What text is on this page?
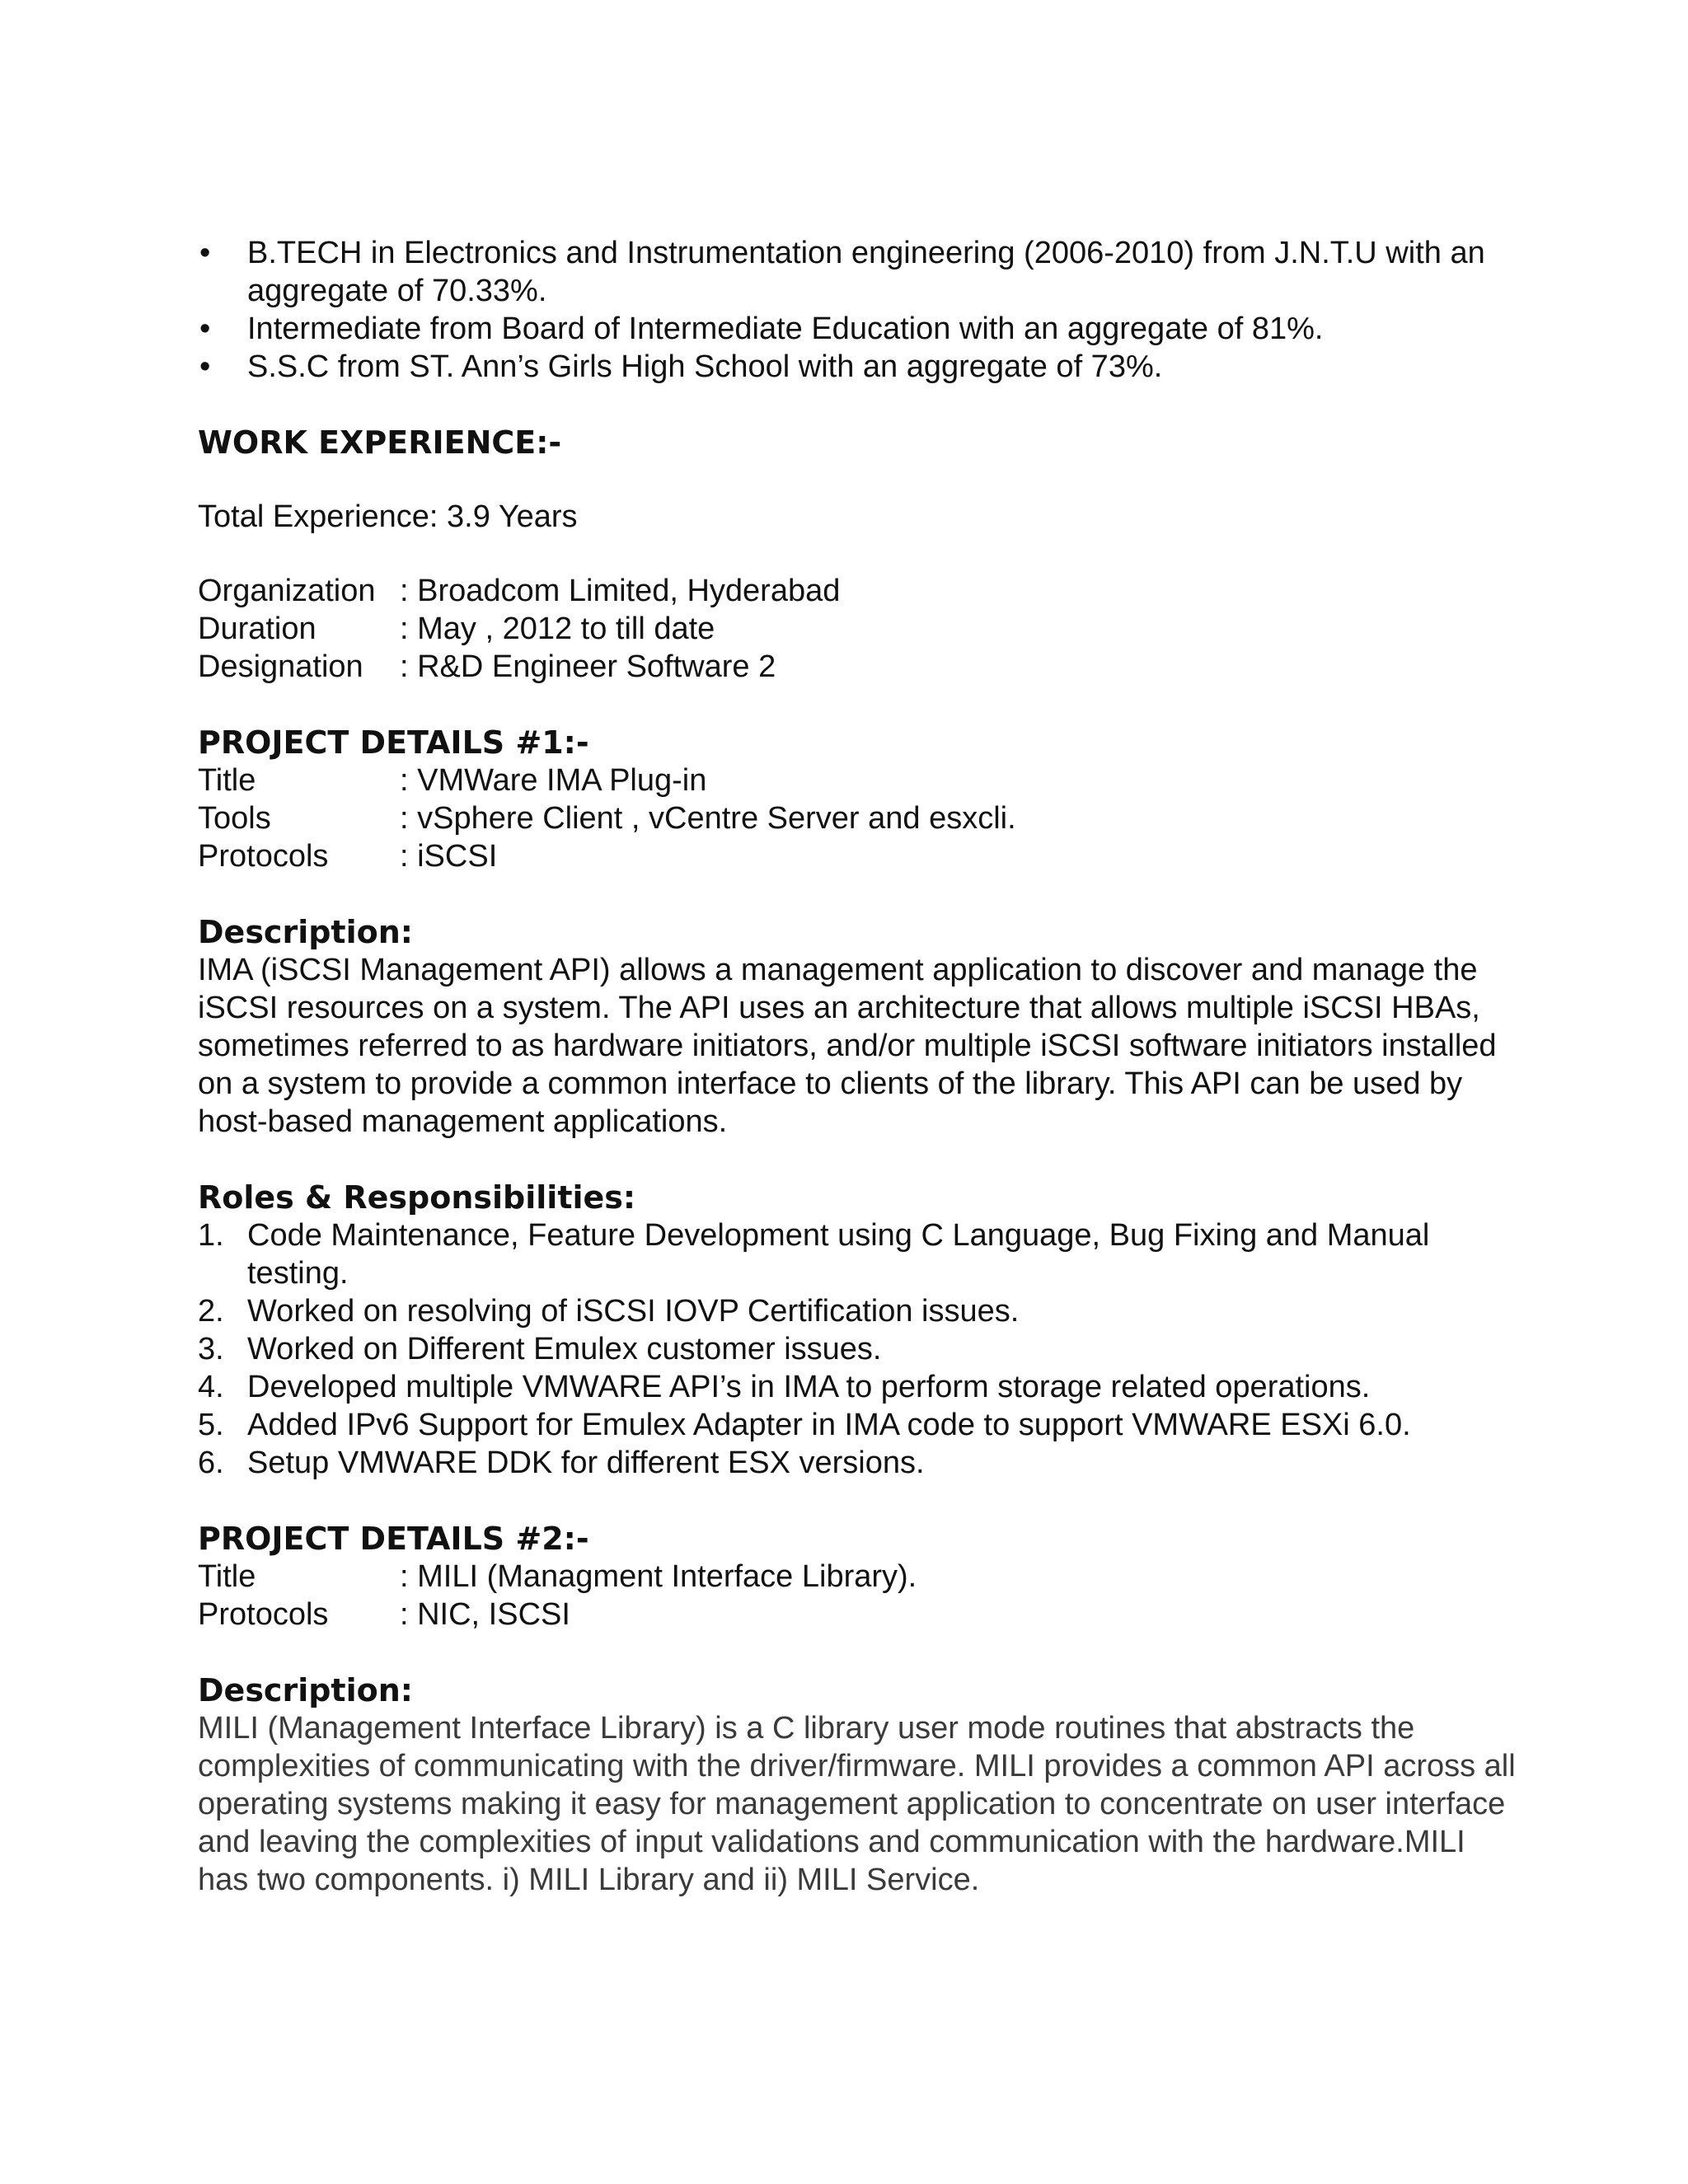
• B.TECH in Electronics and Instrumentation engineering (2006-2010) from J.N.T.U with an aggregate of 70.33%.
• Intermediate from Board of Intermediate Education with an aggregate of 81%.
• S.S.C from ST. Ann’s Girls High School with an aggregate of 73%.
WORK EXPERIENCE:-

Total Experience: 3.9 Years

Organization : Broadcom Limited, Hyderabad
Duration	: May , 2012 to till date
Designation	: R&D Engineer Software 2
PROJECT DETAILS #1:-
Title	: VMWare IMA Plug-in
Tools	: vSphere Client , vCentre Server and esxcli.
Protocols	: iSCSI
Description:

IMA (iSCSI Management API) allows a management application to discover and manage the iSCSI resources on a system. The API uses an architecture that allows multiple iSCSI HBAs, sometimes referred to as hardware initiators, and/or multiple iSCSI software initiators installed on a system to provide a common interface to clients of the library. This API can be used by host-based management applications.

Roles & Responsibilities:
1. Code Maintenance, Feature Development using C Language, Bug Fixing and Manual testing.
2. Worked on resolving of iSCSI IOVP Certification issues.
3. Worked on Different Emulex customer issues.
4. Developed multiple VMWARE API’s in IMA to perform storage related operations.
5. Added IPv6 Support for Emulex Adapter in IMA code to support VMWARE ESXi 6.0.
6. Setup VMWARE DDK for different ESX versions.
PROJECT DETAILS #2:-
Title	: MILI (Managment Interface Library).
Protocols	: NIC, ISCSI
Description:

MILI (Management Interface Library) is a C library user mode routines that abstracts the complexities of communicating with the driver/firmware. MILI provides a common API across all operating systems making it easy for management application to concentrate on user interface and leaving the complexities of input validations and communication with the hardware.MILI has two components. i) MILI Library and ii) MILI Service.
